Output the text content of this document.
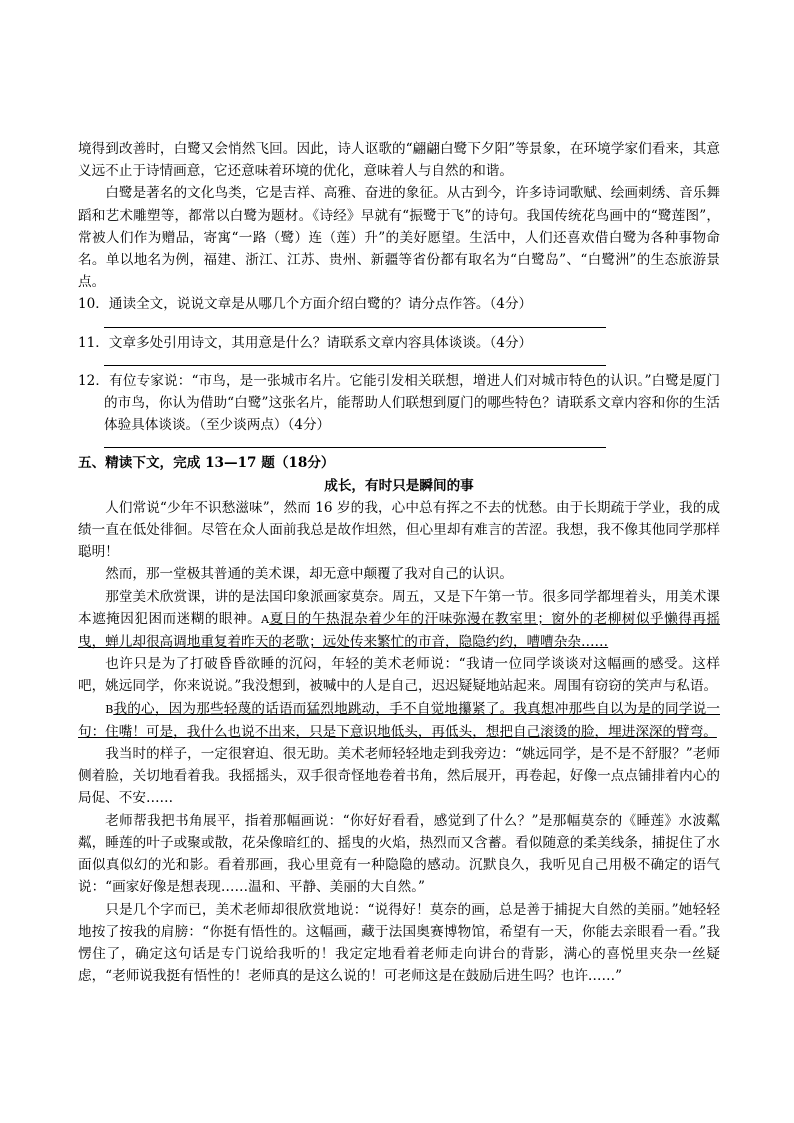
境得到改善时，白鹭又会悄然飞回。因此，诗人讴歌的“翩翩白鹭下夕阳”等景象，在环境学家们看来，其意义远不止于诗情画意，它还意味着环境的优化，意味着人与自然的和谐。

白鹭是著名的文化鸟类，它是吉祥、高雅、奋进的象征。从古到今，许多诗词歌赋、绘画刺绣、音乐舞蹈和艺术雕塑等，都常以白鹭为题材。《诗经》早就有“振鹭于飞”的诗句。我国传统花鸟画中的“鹭莲图”，常被人们作为赠品，寄寓“一路（鹭）连（莲）升”的美好愿望。生活中，人们还喜欢借白鹭为各种事物命名。单以地名为例，福建、浙江、江苏、贵州、新疆等省份都有取名为“白鹭岛”、“白鹭洲”的生态旅游景点。

10．通读全文，说说文章是从哪几个方面介绍白鹭的？请分点作答。（4分）

11．文章多处引用诗文，其用意是什么？请联系文章内容具体谈谈。（4分）

12．有位专家说：“市鸟，是一张城市名片。它能引发相关联想，增进人们对城市特色的认识。”白鹭是厦门的市鸟，你认为借助“白鹭”这张名片，能帮助人们联想到厦门的哪些特色？请联系文章内容和你的生活体验具体谈谈。（至少谈两点）（4分）

五、精读下文，完成 13—17 题（18分）

成长，有时只是瞬间的事

人们常说“少年不识愁滋味”，然而 16 岁的我，心中总有挥之不去的忧愁。由于长期疏于学业，我的成绩一直在低处徘徊。尽管在众人面前我总是故作坦然，但心里却有难言的苦涩。我想，我不像其他同学那样聪明！

然而，那一堂极其普通的美术课，却无意中颠覆了我对自己的认识。

那堂美术欣赏课，讲的是法国印象派画家莫奈。周五，又是下午第一节。很多同学都埋着头，用美术课本遮掩因犯困而迷糊的眼神。A夏日的午热混杂着少年的汗味弥漫在教室里；窗外的老柳树似乎懒得再摇曳，蝉儿却很高调地重复着昨天的老歌；远处传来繁忙的市音，隐隐约约，嘈嘈杂杂……

也许只是为了打破昏昏欲睡的沉闷，年轻的美术老师说：“我请一位同学谈谈对这幅画的感受。这样吧，姚远同学，你来说说。”我没想到，被喊中的人是自己，迟迟疑疑地站起来。周围有窃窃的笑声与私语。

B我的心，因为那些轻蔑的话语而猛烈地跳动，手不自觉地攥紧了。我真想冲那些自以为是的同学说一句：住嘴！可是，我什么也说不出来，只是下意识地低头，再低头，想把自己滚烫的脸，埋进深深的臂弯。

我当时的样子，一定很窘迫、很无助。美术老师轻轻地走到我旁边：“姚远同学，是不是不舒服？”老师侧着脸，关切地看着我。我摇摇头，双手很奇怪地卷着书角，然后展开，再卷起，好像一点点铺排着内心的局促、不安……

老师帮我把书角展平，指着那幅画说：“你好好看看，感觉到了什么？”是那幅莫奈的《睡莲》水波粼粼，睡莲的叶子或聚或散，花朵像暗红的、摇曳的火焰，热烈而又含蓄。看似随意的柔美线条，捕捉住了水面似真似幻的光和影。看着那画，我心里竟有一种隐隐的感动。沉默良久，我听见自己用极不确定的语气说：“画家好像是想表现……温和、平静、美丽的大自然。”

只是几个字而已，美术老师却很欣赏地说：“说得好！莫奈的画，总是善于捕捉大自然的美丽。”她轻轻地按了按我的肩膀：“你挺有悟性的。这幅画，藏于法国奥赛博物馆，希望有一天，你能去亲眼看一看。”我愣住了，确定这句话是专门说给我听的！我定定地看着老师走向讲台的背影，满心的喜悦里夹杂一丝疑虑，“老师说我挺有悟性的！老师真的是这么说的！可老师这是在鼓励后进生吗？也许……”
